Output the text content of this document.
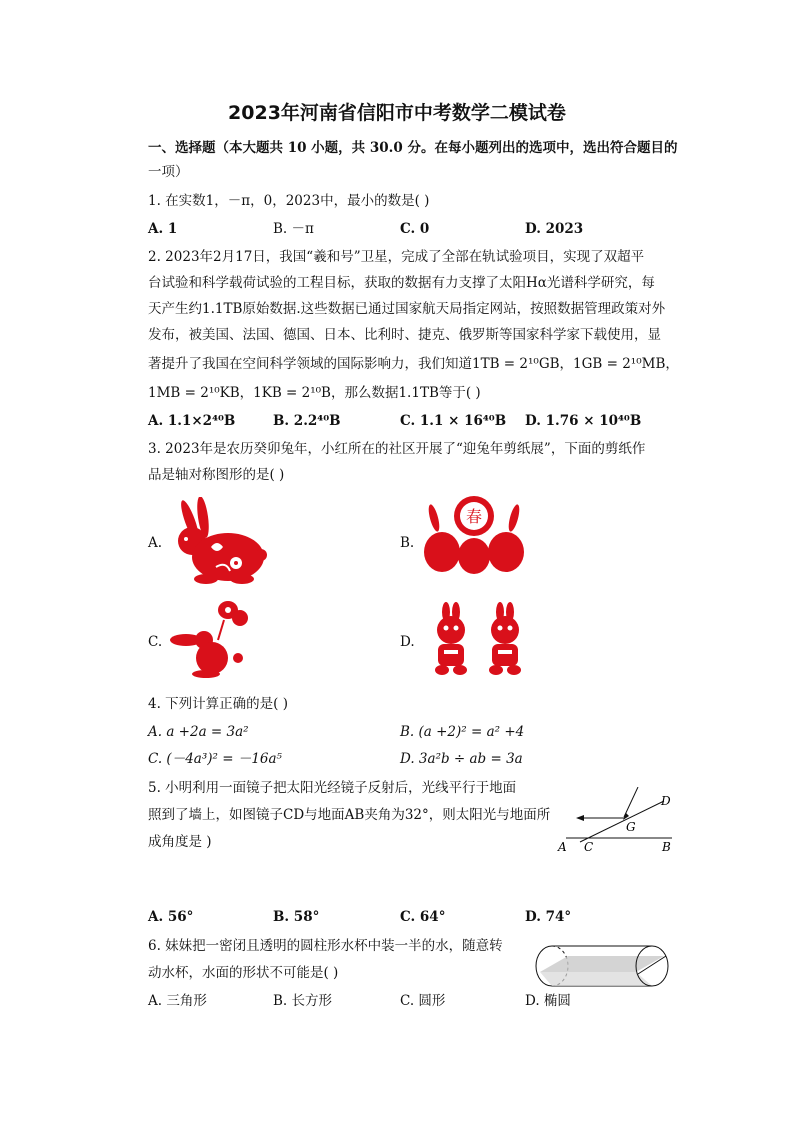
2023年河南省信阳市中考数学二模试卷
一、选择题（本大题共 10 小题，共 30.0 分。在每小题列出的选项中，选出符合题目的
一项）
1. 在实数1，－π，0，2023中，最小的数是( )
A. 1	B. －π	C. 0	D. 2023
2. 2023年2月17日，我国“羲和号”卫星，完成了全部在轨试验项目，实现了双超平
台试验和科学载荷试验的工程目标，获取的数据有力支撑了太阳Hα光谱科学研究，每
天产生约1.1TB原始数据.这些数据已通过国家航天局指定网站，按照数据管理政策对外
发布，被美国、法国、德国、日本、比利时、捷克、俄罗斯等国家科学家下载使用，显
著提升了我国在空间科学领域的国际影响力，我们知道1TB = 2¹⁰GB，1GB = 2¹⁰MB，
1MB = 2¹⁰KB，1KB = 2¹⁰B，那么数据1.1TB等于( )
A. 1.1×2⁴⁰B	B. 2.2⁴⁰B	C. 1.1 × 16⁴⁰B D. 1.76 × 10⁴⁰B
3. 2023年是农历癸卯兔年，小红所在的社区开展了“迎兔年剪纸展”，下面的剪纸作
品是轴对称图形的是( )
A.	B.
春
C.	D.
4. 下列计算正确的是( )
A. a +2a = 3a²	B. (a +2)² = a² +4
C. (－4a³)² = －16a⁵	D. 3a²b ÷ ab = 3a
5. 小明利用一面镜子把太阳光经镜子反射后，光线平行于地面
照到了墙上，如图镜子CD与地面AB夹角为32°，则太阳光与地面所
成角度是 )	A C	B
D
G
A. 56°	B. 58°	C. 64°	D. 74°
6. 妹妹把一密闭且透明的圆柱形水杯中装一半的水，随意转
动水杯，水面的形状不可能是( )
A. 三角形	B. 长方形	C. 圆形	D. 椭圆
